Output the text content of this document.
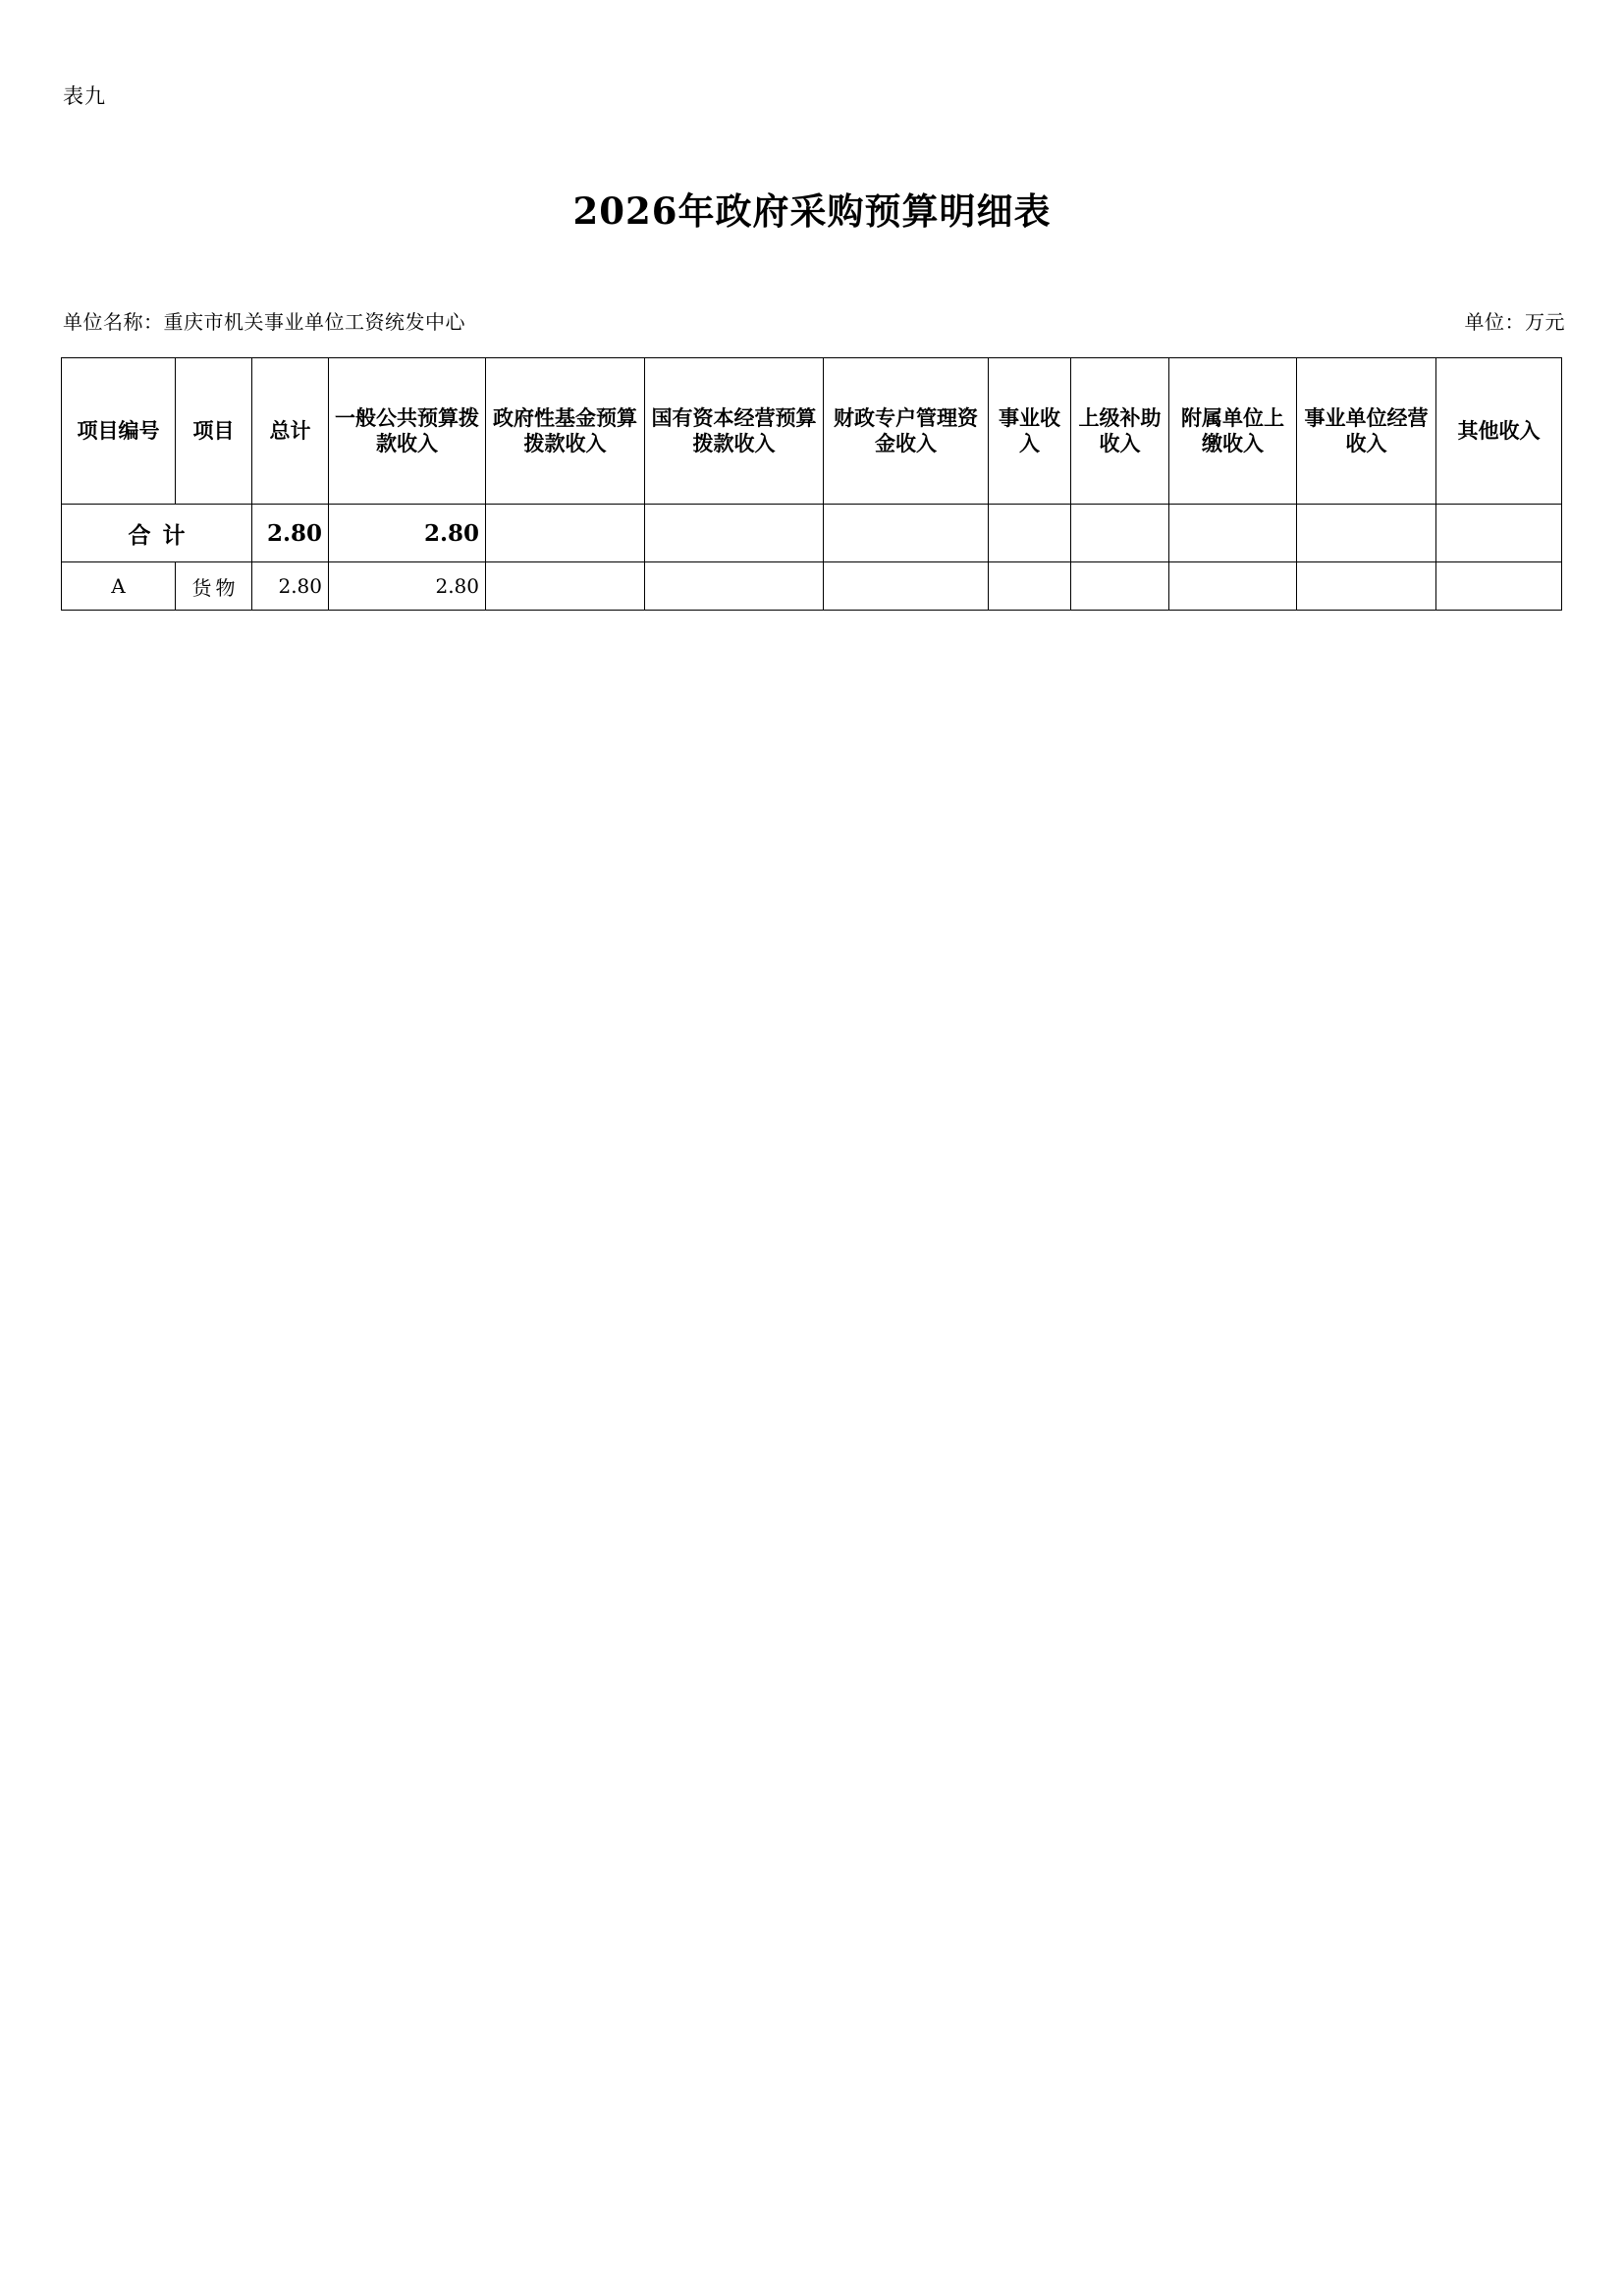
表九
2026年政府采购预算明细表
单位名称：重庆市机关事业单位工资统发中心	单位：万元
项目编号	项目	总计	一般公共预算拨款收入	政府性基金预算拨款收入	国有资本经营预算拨款收入	财政专户管理资金收入	事业收入	上级补助收入	附属单位上缴收入	事业单位经营收入	其他收入
合计		2.80	2.80								
A	货物	2.80	2.80								
